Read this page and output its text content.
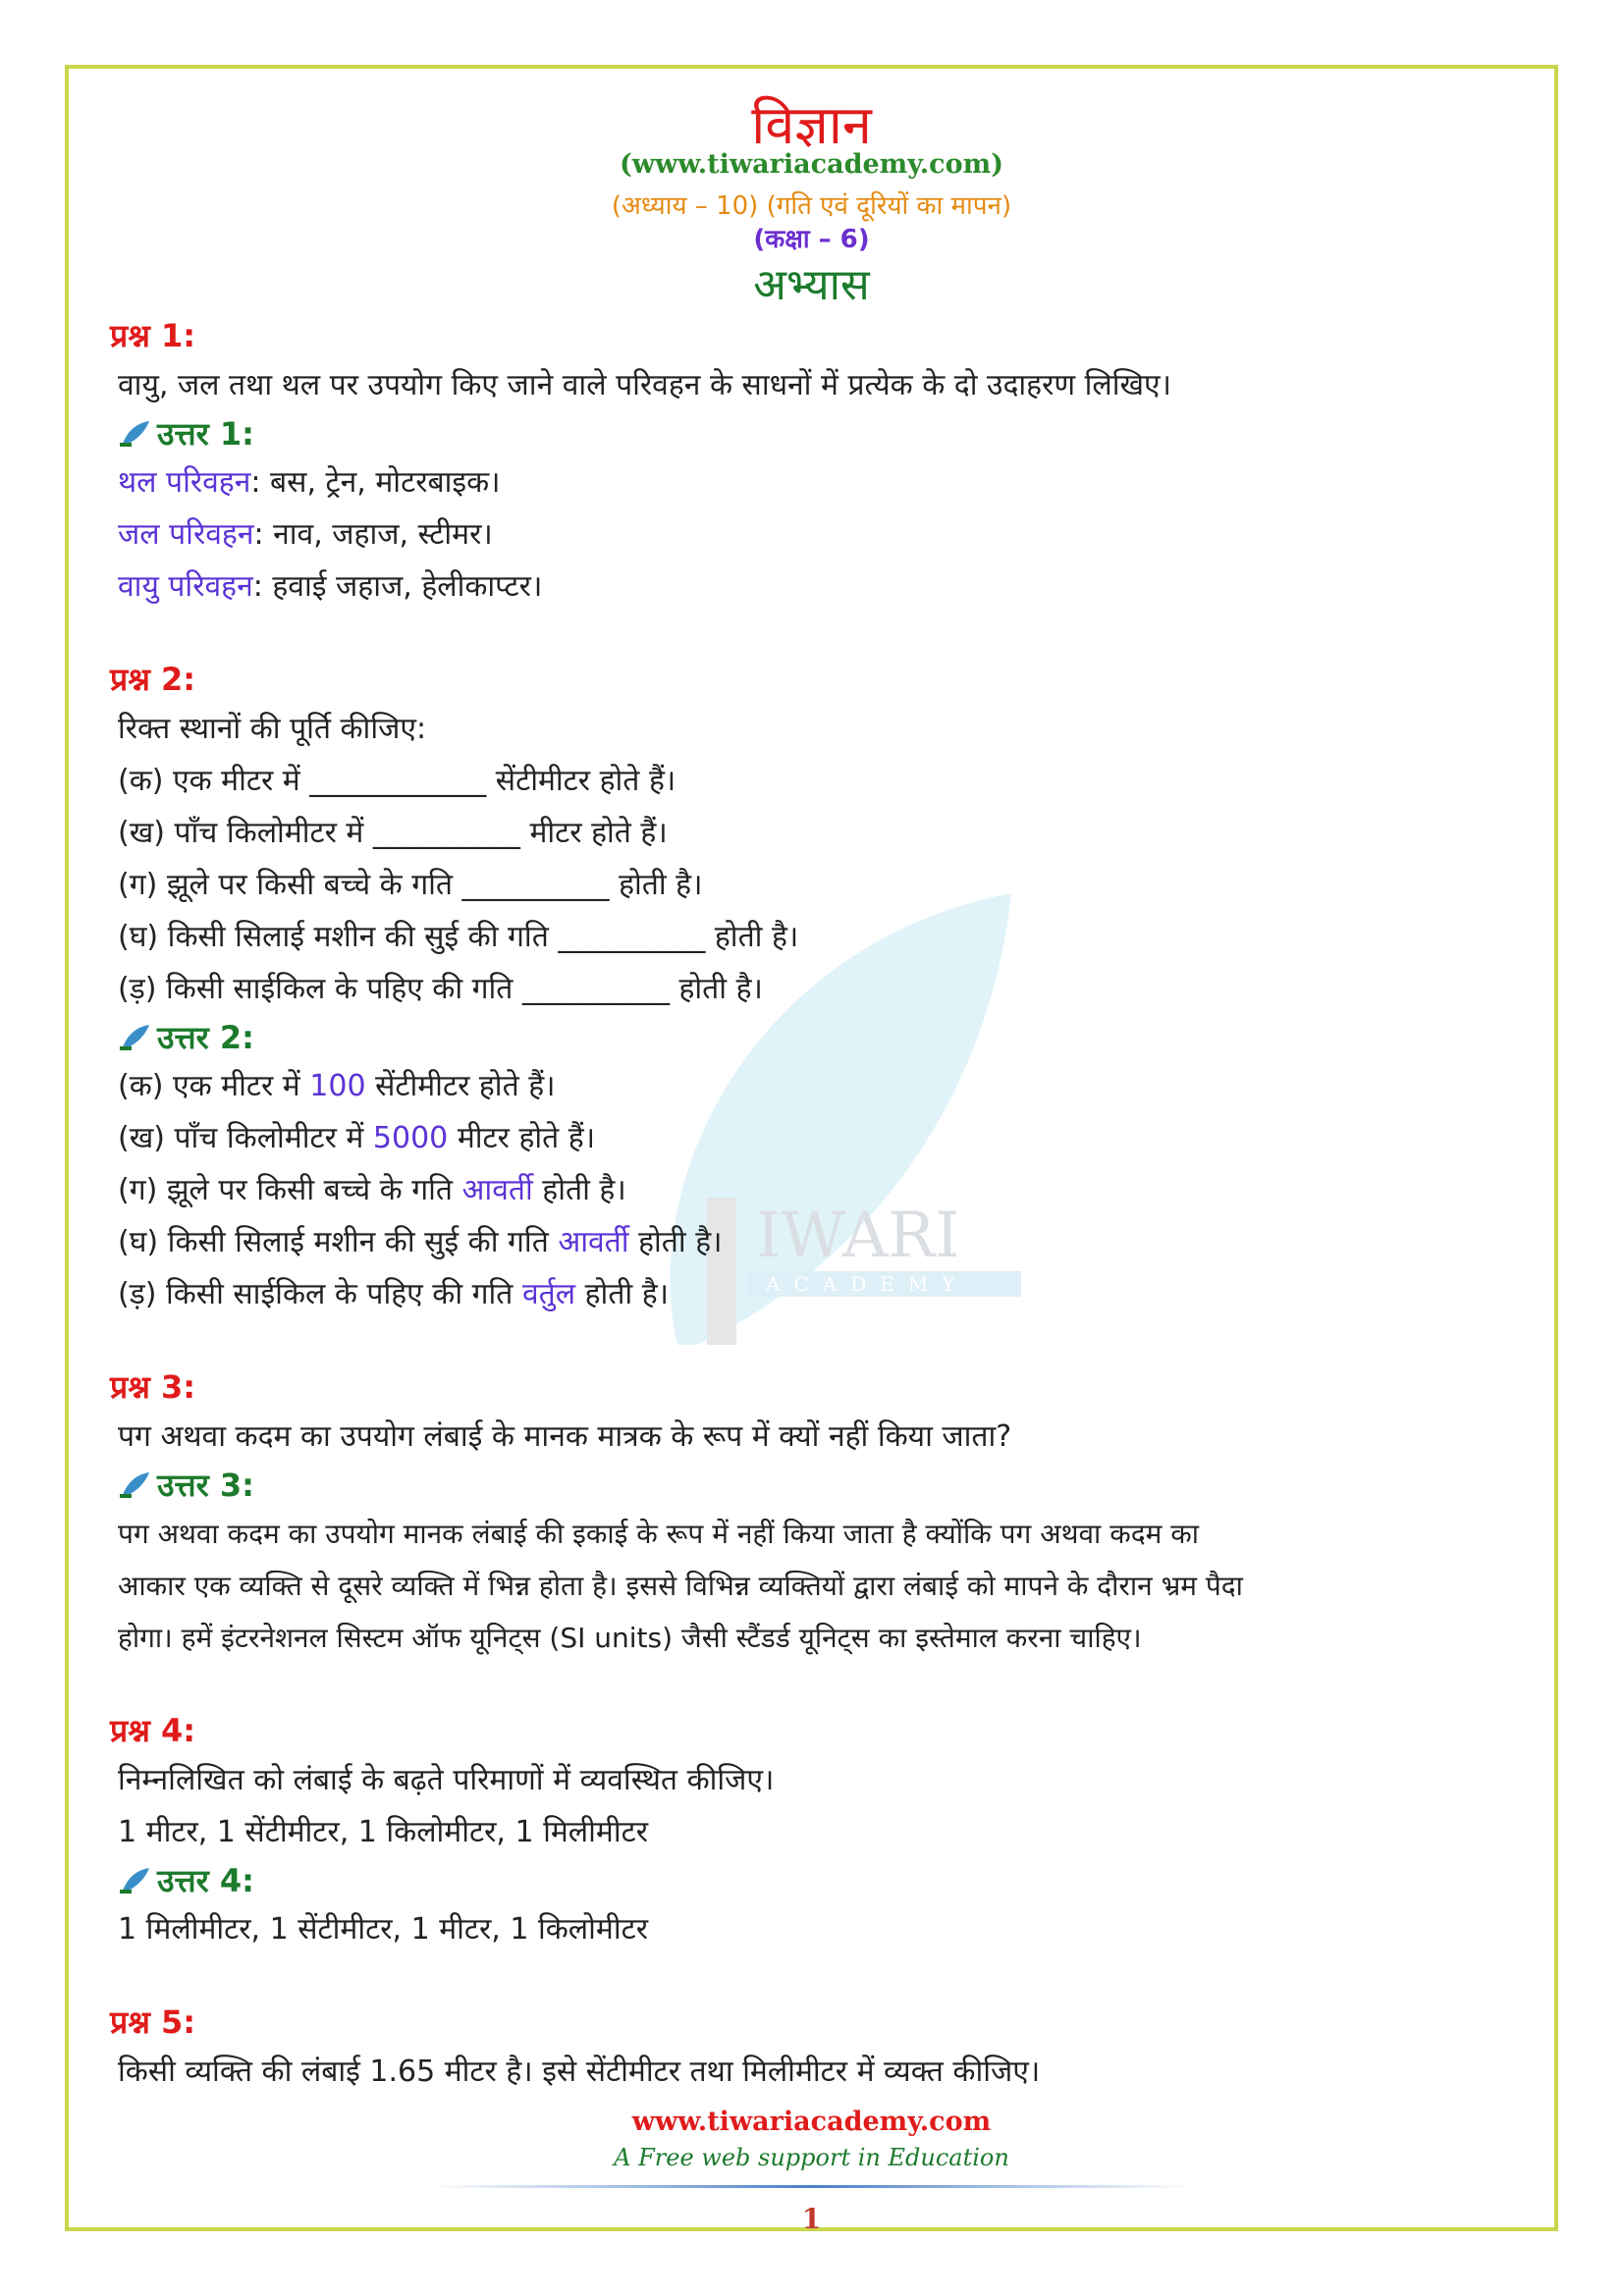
IWARI
ACADEMY
विज्ञान
(www.tiwariacademy.com)
(अध्याय – 10) (गति एवं दूरियों का मापन)
(कक्षा – 6)
अभ्यास
प्रश्न 1:
वायु, जल तथा थल पर उपयोग किए जाने वाले परिवहन के साधनों में प्रत्येक के दो उदाहरण लिखिए।
उत्तर 1:
थल परिवहन: बस, ट्रेन, मोटरबाइक।
जल परिवहन: नाव, जहाज, स्टीमर।
वायु परिवहन: हवाई जहाज, हेलीकाप्टर।
प्रश्न 2:
रिक्त स्थानों की पूर्ति कीजिए:
(क) एक मीटर में ____________ सेंटीमीटर होते हैं।
(ख) पाँच किलोमीटर में __________ मीटर होते हैं।
(ग) झूले पर किसी बच्चे के गति __________ होती है।
(घ) किसी सिलाई मशीन की सुई की गति __________ होती है।
(ड़) किसी साईकिल के पहिए की गति __________ होती है।
उत्तर 2:
(क) एक मीटर में 100 सेंटीमीटर होते हैं।
(ख) पाँच किलोमीटर में 5000 मीटर होते हैं।
(ग) झूले पर किसी बच्चे के गति आवर्ती होती है।
(घ) किसी सिलाई मशीन की सुई की गति आवर्ती होती है।
(ड़) किसी साईकिल के पहिए की गति वर्तुल होती है।
प्रश्न 3:
पग अथवा कदम का उपयोग लंबाई के मानक मात्रक के रूप में क्यों नहीं किया जाता?
उत्तर 3:
पग अथवा कदम का उपयोग मानक लंबाई की इकाई के रूप में नहीं किया जाता है क्योंकि पग अथवा कदम का
आकार एक व्यक्ति से दूसरे व्यक्ति में भिन्न होता है। इससे विभिन्न व्यक्तियों द्वारा लंबाई को मापने के दौरान भ्रम पैदा
होगा। हमें इंटरनेशनल सिस्टम ऑफ यूनिट्स (SI units) जैसी स्टैंडर्ड यूनिट्स का इस्तेमाल करना चाहिए।
प्रश्न 4:
निम्नलिखित को लंबाई के बढ़ते परिमाणों में व्यवस्थित कीजिए।
1 मीटर, 1 सेंटीमीटर, 1 किलोमीटर, 1 मिलीमीटर
उत्तर 4:
1 मिलीमीटर, 1 सेंटीमीटर, 1 मीटर, 1 किलोमीटर
प्रश्न 5:
किसी व्यक्ति की लंबाई 1.65 मीटर है। इसे सेंटीमीटर तथा मिलीमीटर में व्यक्त कीजिए।
www.tiwariacademy.com
A Free web support in Education
1
